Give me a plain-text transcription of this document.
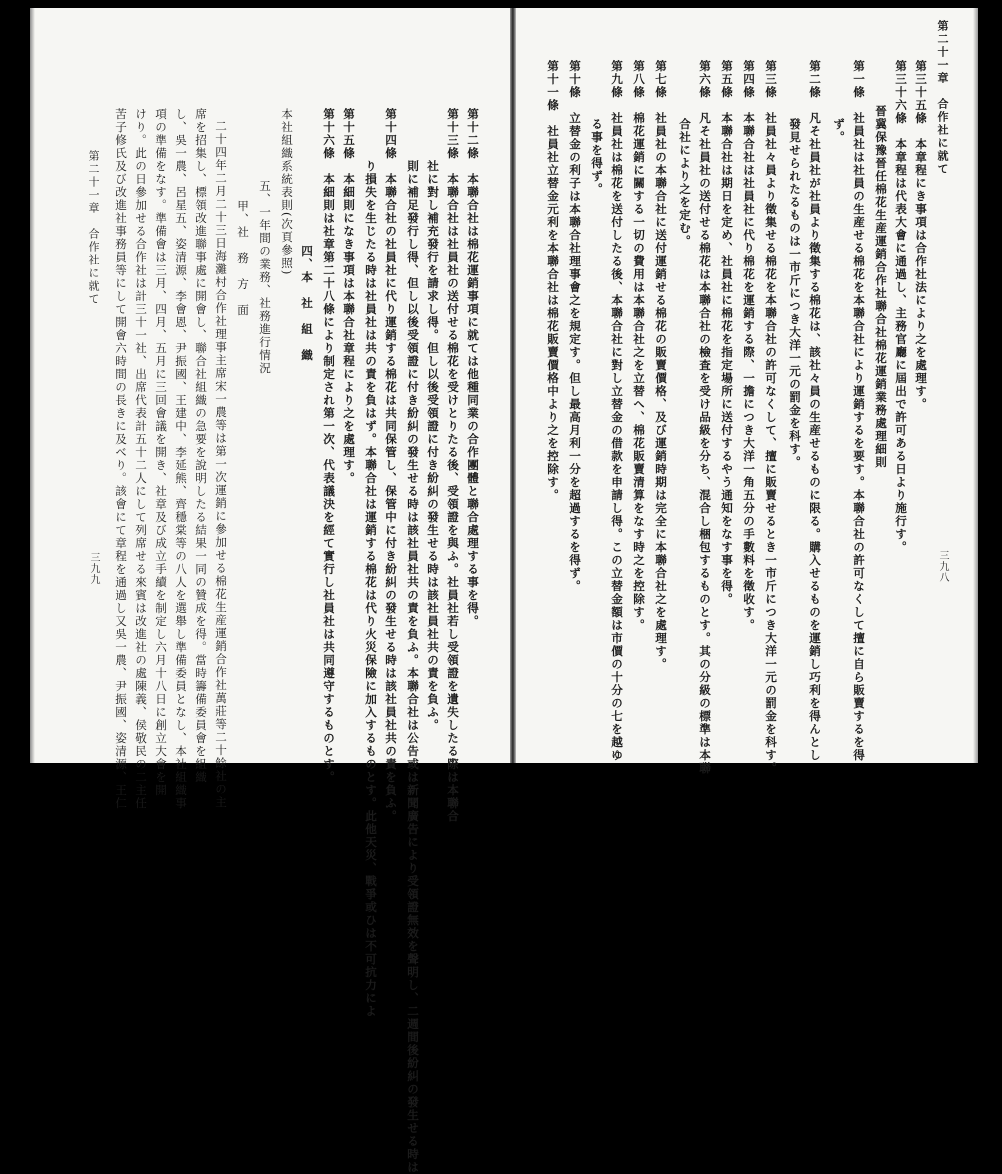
第二十一章　合作社に就て
三九八
第三十五條　本章程にき事項は合作社法により之を處理す。
第三十六條　本章程は代表大會に通過し、主務官廳に屆出で許可ある日より施行す。
晉冀保豫晉任棉花生産運銷合作社聯合社棉花運銷業務處理細則
第一條　社員社は社員の生産せる棉花を本聯合社により運銷するを要す。本聯合社の許可なくして擅に自ら販賣するを得
ず。
第二條　凡そ社員社が社員より徵集する棉花は、該社々員の生産せるものに限る。購入せるものを運銷し巧利を得んとし
發見せられたるものは一市斤につき大洋一元の罰金を科す。
第三條　社員社々員より徵集せる棉花を本聯合社の許可なくして、擅に販賣せるとき一市斤につき大洋一元の罰金を科す。
第四條　本聯合社は社員社に代り棉花を運銷する際、一擔につき大洋一角五分の手數料を徵收す。
第五條　本聯合社は期日を定め、社員社に棉花を指定場所に送付するやう通知をなす事を得。
第六條　凡そ社員社の送付せる棉花は本聯合社の檢査を受け品級を分ち、混合し梱包するものとす。其の分級の標準は本聯
合社により之を定む。
第七條　社員社の本聯合社に送付運銷せる棉花の販賣價格、及び運銷時期は完全に本聯合社之を處理す。
第八條　棉花運銷に關する一切の費用は本聯合社之を立替へ、棉花販賣清算をなす時之を控除す。
第九條　社員社は棉花を送付したる後、本聯合社に對し立替金の借款を申請し得。この立替金額は市價の十分の七を越ゆ
る事を得ず。
第十條　立替金の利子は本聯合社理事會之を規定す。但し最高月利一分を超過するを得ず。
第十一條　社員社立替金元利を本聯合社は棉花販賣價格中より之を控除す。
第十二條　本聯合社は棉花運銷事項に就ては他種同業の合作團體と聯合處理する事を得。
第十三條　本聯合社は社員社の送付せる棉花を受けとりたる後、受領證を與ふ。社員社若し受領證を遺失したる際は本聯合
社に對し補充發行を請求し得。但し以後受領證に付き紛糾の發生せる時は該社員社共の責を負ふ。
則に補足發行し得、但し以後受領證に付き紛糾の發生せる時は該社員社共の責を負ふ。本聯合社は公告或は新聞廣告により受領證無效を聲明し、二週間後紛糾の發生せる時は
第十四條　本聯合社の社員社に代り運銷する棉花は共同保管し、保管中に付き紛糾の發生せる時は該社員社共の責を負ふ。
り損失を生じたる時は社員社は共の責を負はず。本聯合社は運銷する棉花は代り火災保險に加入するものとす。此他天災、戰爭或ひは不可抗力によ
第十五條　本細則になき事項は本聯合社章程により之を處理す。
第十六條　本細則は社章第二十八條により制定され第一次、代表議決を經て實行し社員社は共同遵守するものとす。
四、本　社　組　織
本社組織系統表則(次頁參照)
五、一年間の業務、社務進行情況
甲、社　務　方　面
二十四年二月二十三日海灘村合作社理事主席宋一農等は第一次運銷に參加せる棉花生産運銷合作社萬莊等二十餘社の主
席を招集し、標領改進聯事處に開會し、聯合社組織の急要を說明したる結果一同の贊成を得。當時籌備委員會を組織
し、吳一農、呂星五、姿清源、李會恩、尹振國、王建中、李延熊、齊穩棠等の八人を選舉し準備委員となし、本社組織事
項の準備をなす。準備會は三月、四月、五月に三回會議を開き、社章及び成立手續を制定し六月十八日に創立大會を開
けり。此の日參加せる合作社は計三十一社、出席代表計五十二人にして列席せる來賓は改進社の處陳義、侯敬民の二主任
苦子修氏及び改進社事務員等にして開會六時間の長きに及べり。該會にて章程を通過し又吳一農、尹振國、姿清源、王仁
第二十一章　合作社に就て
三九九
